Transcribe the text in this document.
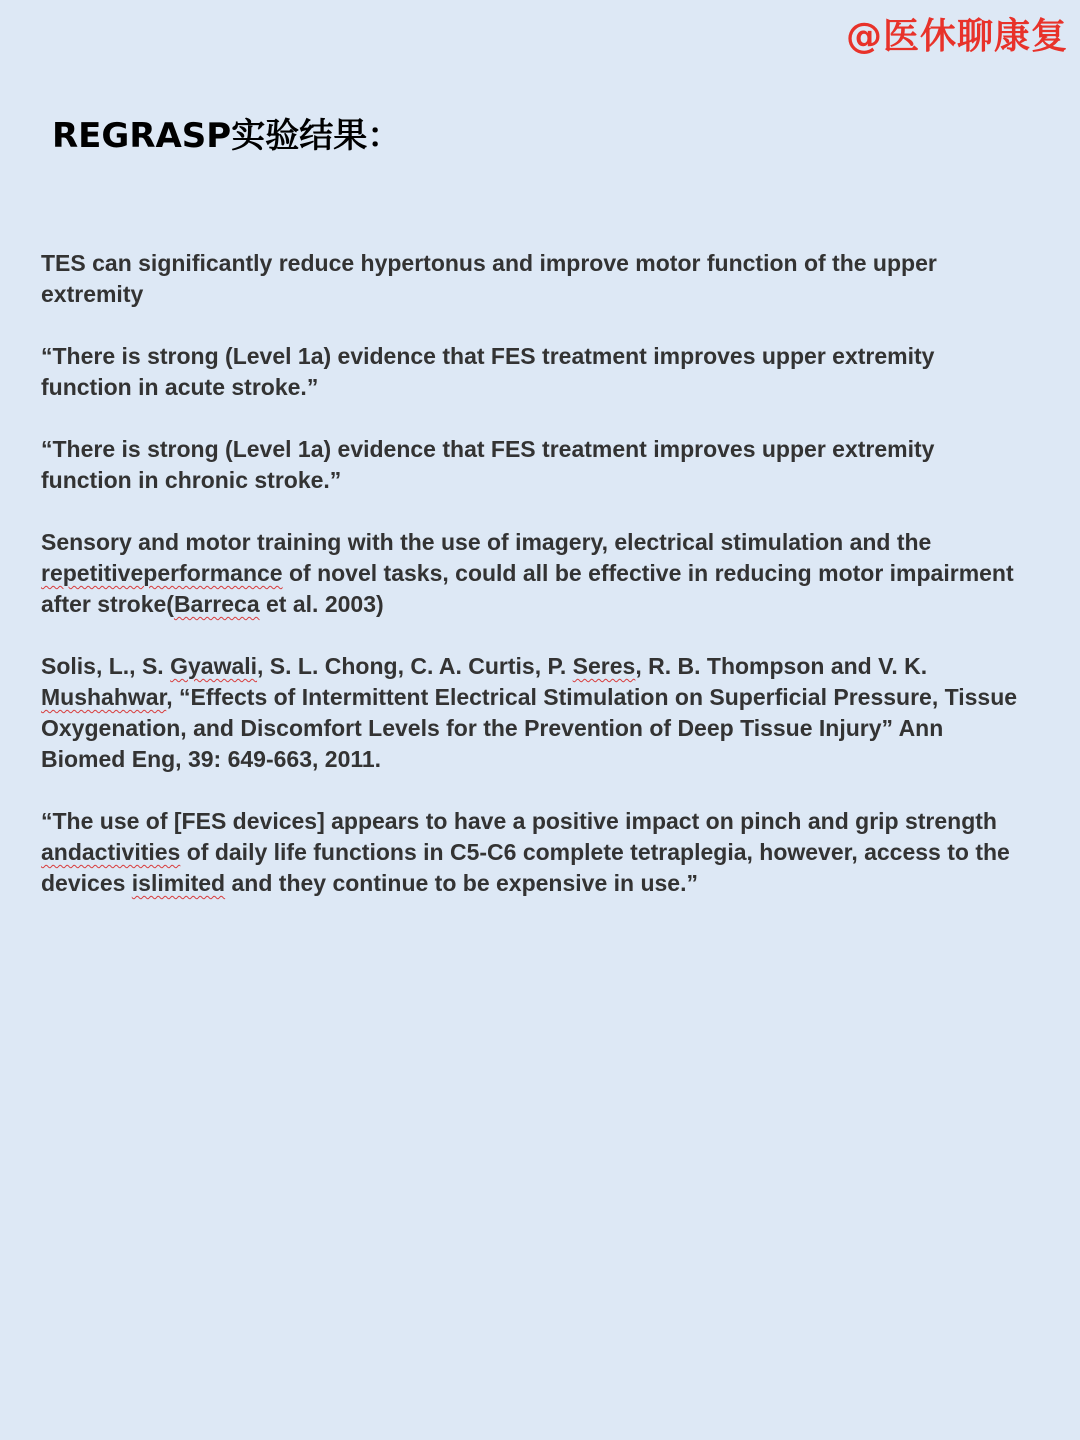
@医休聊康复
REGRASP实验结果：

TES can significantly reduce hypertonus and improve motor function of the upper extremity

“There is strong (Level 1a) evidence that FES treatment improves upper extremity function in acute stroke.”

“There is strong (Level 1a) evidence that FES treatment improves upper extremity function in chronic stroke.”

Sensory and motor training with the use of imagery, electrical stimulation and the repetitiveperformance of novel tasks, could all be effective in reducing motor impairment after stroke(Barreca et al. 2003)

Solis, L., S. Gyawali, S. L. Chong, C. A. Curtis, P. Seres, R. B. Thompson and V. K. Mushahwar, “Effects of Intermittent Electrical Stimulation on Superficial Pressure, Tissue Oxygenation, and Discomfort Levels for the Prevention of Deep Tissue Injury” Ann Biomed Eng, 39: 649-663, 2011.

“The use of [FES devices] appears to have a positive impact on pinch and grip strength andactivities of daily life functions in C5-C6 complete tetraplegia, however, access to the devices islimited and they continue to be expensive in use.”
